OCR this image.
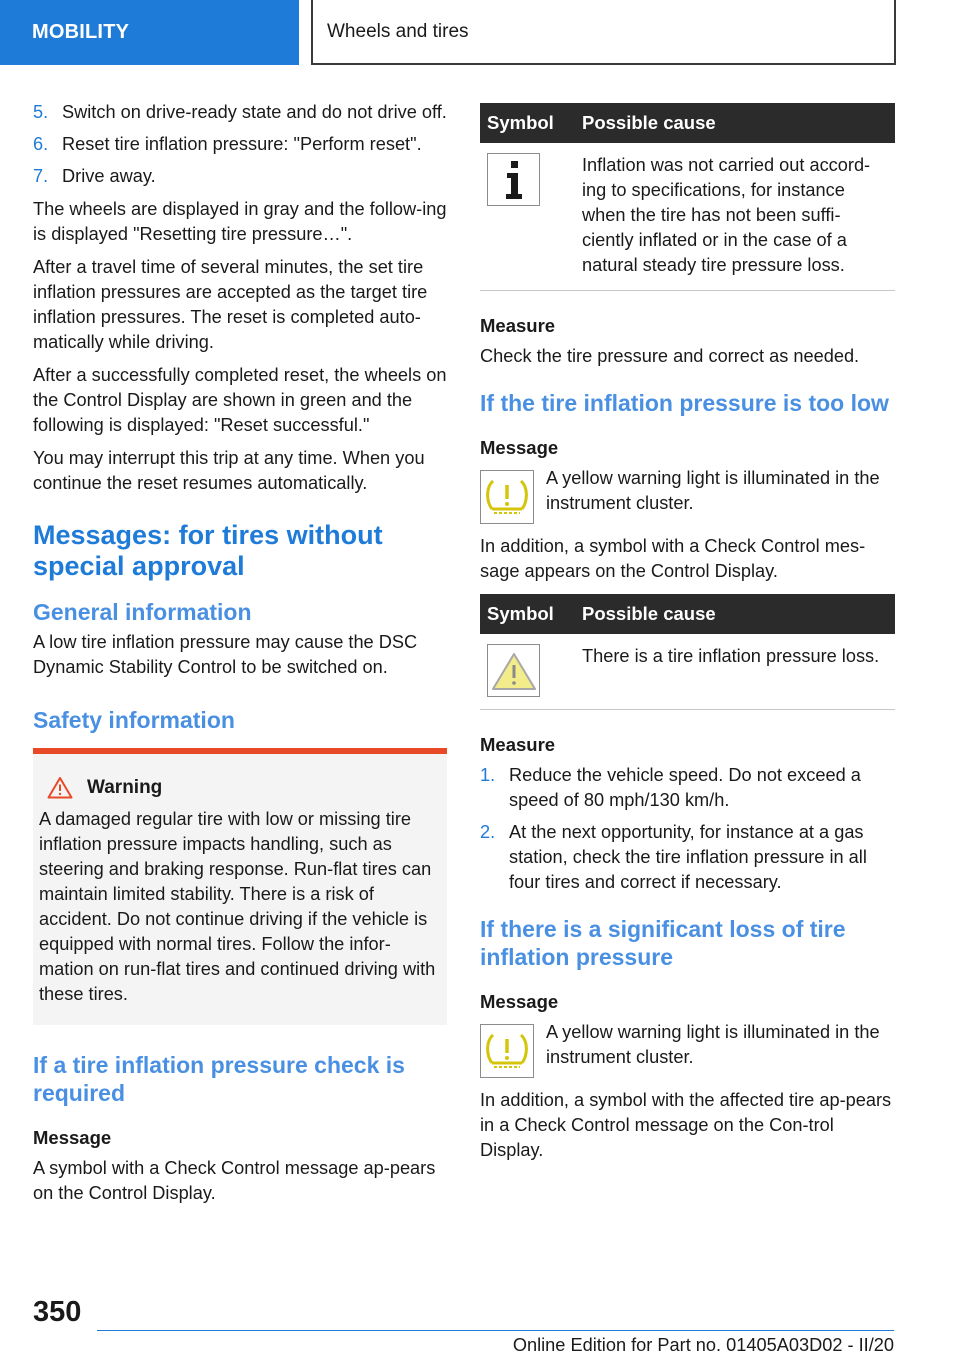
MOBILITY	Wheels and tires
5. Switch on drive-ready state and do not drive off.
6. Reset tire inflation pressure: "Perform reset".
7. Drive away.

The wheels are displayed in gray and the follow-ing is displayed "Resetting tire pressure…".

After a travel time of several minutes, the set tire inflation pressures are accepted as the target tire inflation pressures. The reset is completed auto-matically while driving.

After a successfully completed reset, the wheels on the Control Display are shown in green and the following is displayed: "Reset successful."

You may interrupt this trip at any time. When you continue the reset resumes automatically.

Messages: for tires without special approval
General information

A low tire inflation pressure may cause the DSC Dynamic Stability Control to be switched on.

Safety information
Warning

A damaged regular tire with low or missing tire inflation pressure impacts handling, such as steering and braking response. Run-flat tires can maintain limited stability. There is a risk of accident. Do not continue driving if the vehicle is equipped with normal tires. Follow the infor-mation on run-flat tires and continued driving with these tires.

If a tire inflation pressure check is required
Message

A symbol with a Check Control message ap-pears on the Control Display.

Symbol	Possible cause

	Inflation was not carried out accord-ing to specifications, for instance when the tire has not been suffi-ciently inflated or in the case of a natural steady tire pressure loss.
Measure

Check the tire pressure and correct as needed.

If the tire inflation pressure is too low
Message

A yellow warning light is illuminated in the instrument cluster.

In addition, a symbol with a Check Control mes-sage appears on the Control Display.

Symbol	Possible cause

	There is a tire inflation pressure loss.
Measure
1. Reduce the vehicle speed. Do not exceed a speed of 80 mph/130 km/h.
2. At the next opportunity, for instance at a gas station, check the tire inflation pressure in all four tires and correct if necessary.
If there is a significant loss of tire inflation pressure
Message

A yellow warning light is illuminated in the instrument cluster.

In addition, a symbol with the affected tire ap-pears in a Check Control message on the Con-trol Display.

350
Online Edition for Part no. 01405A03D02 - II/20
